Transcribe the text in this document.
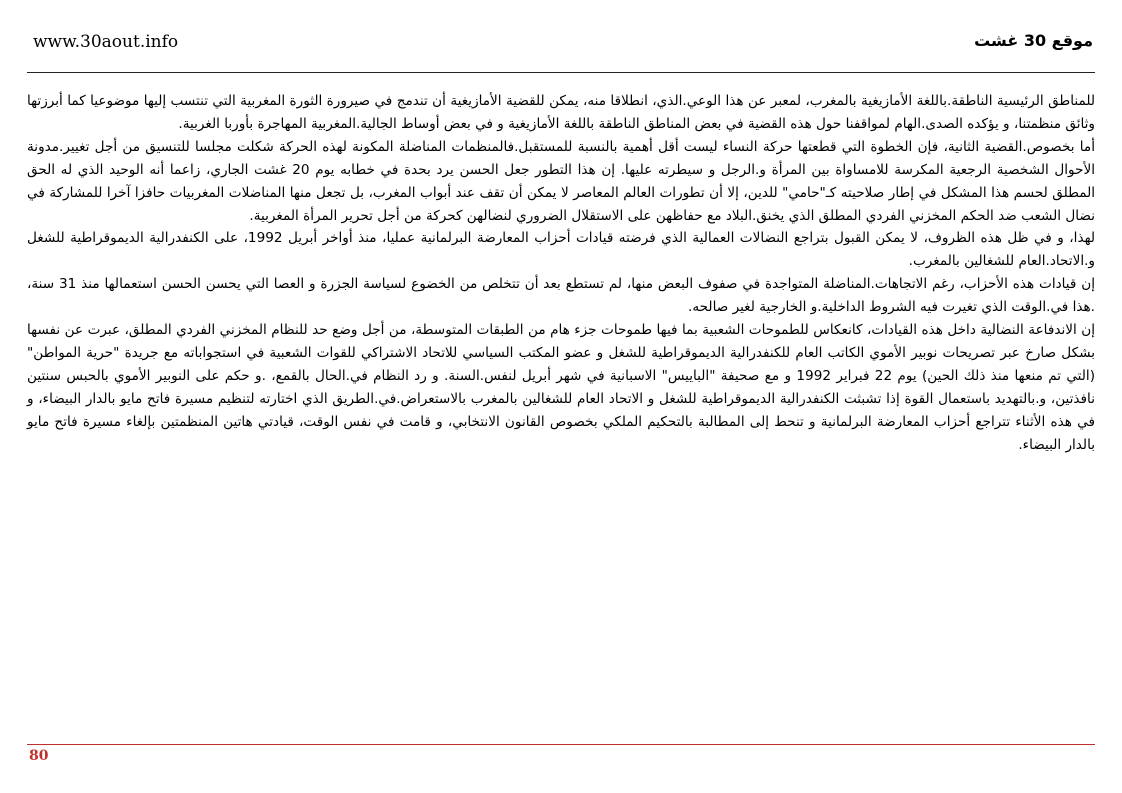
www.30aout.info	موقع 30 غشت

للمناطق الرئيسية الناطقة.باللغة الأمازيغية بالمغرب، لمعبر عن هذا الوعي.الذي، انطلاقا منه، يمكن للقضية الأمازيغية أن تندمج في صيرورة الثورة المغربية التي تنتسب إليها موضوعيا كما أبرزتها وثائق منظمتنا، و يؤكده الصدى.الهام لمواقفنا حول هذه القضية في بعض المناطق الناطقة باللغة الأمازيغية و في بعض أوساط الجالية.المغربية المهاجرة بأوربا الغربية.

أما بخصوص.القضية الثانية، فإن الخطوة التي قطعتها حركة النساء ليست أقل أهمية بالنسبة للمستقبل.فالمنظمات المناضلة المكونة لهذه الحركة شكلت مجلسا للتنسيق من أجل تغيير.مدونة الأحوال الشخصية الرجعية المكرسة للامساواة بين المرأة و.الرجل و سيطرته عليها. إن هذا التطور جعل الحسن يرد بحدة في خطابه يوم 20 غشت الجاري، زاعما أنه الوحيد الذي له الحق المطلق لحسم هذا المشكل في إطار صلاحيته كـ"حامي" للدين، إلا أن تطورات العالم المعاصر لا يمكن أن تقف عند أبواب المغرب، بل تجعل منها المناضلات المغربيات حافزا آخرا للمشاركة في نضال الشعب ضد الحكم المخزني الفردي المطلق الذي يخنق.البلاد مع حفاظهن على الاستقلال الضروري لنضالهن كحركة من أجل تحرير المرأة المغربية.

لهذا، و في ظل هذه الظروف، لا يمكن القبول بتراجع النضالات العمالية الذي فرضته قيادات أحزاب المعارضة البرلمانية عمليا، منذ أواخر أبريل 1992، على الكنفدرالية الديموقراطية للشغل و.الاتحاد.العام للشغالين بالمغرب.

إن قيادات هذه الأحزاب، رغم الاتجاهات.المناضلة المتواجدة في صفوف البعض منها، لم تستطع بعد أن تتخلص من الخضوع لسياسة الجزرة و العصا التي يحسن الحسن استعمالها منذ 31 سنة، .هذا في.الوقت الذي تغيرت فيه الشروط الداخلية.و الخارجية لغير صالحه.

إن الاندفاعة النضالية داخل هذه القيادات، كانعكاس للطموحات الشعبية بما فيها طموحات جزء هام من الطبقات المتوسطة، من أجل وضع حد للنظام المخزني الفردي المطلق، عبرت عن نفسها بشكل صارخ عبر تصريحات نوبير الأموي الكاتب العام للكنفدرالية الديموقراطية للشغل و عضو المكتب السياسي للاتحاد الاشتراكي للقوات الشعبية في استجواباته مع جريدة "حرية المواطن"(التي تم منعها منذ ذلك الحين) يوم 22 فبراير 1992 و مع صحيفة "الباييس" الاسبانية في شهر أبريل لنفس.السنة. و رد النظام في.الحال بالقمع، .و حكم على النوبير الأموي بالحبس سنتين نافذتين، و.بالتهديد باستعمال القوة إذا تشبثت الكنفدرالية الديموقراطية للشغل و الاتحاد العام للشغالين بالمغرب بالاستعراض.في.الطريق الذي اختارته لتنظيم مسيرة فاتح مايو بالدار البيضاء، و في هذه الأثناء تتراجع أحزاب المعارضة البرلمانية و تنحط إلى المطالبة بالتحكيم الملكي بخصوص القانون الانتخابي، و قامت في نفس الوقت، قيادتي هاتين المنظمتين بإلغاء مسيرة فاتح مايو بالدار البيضاء.

80
